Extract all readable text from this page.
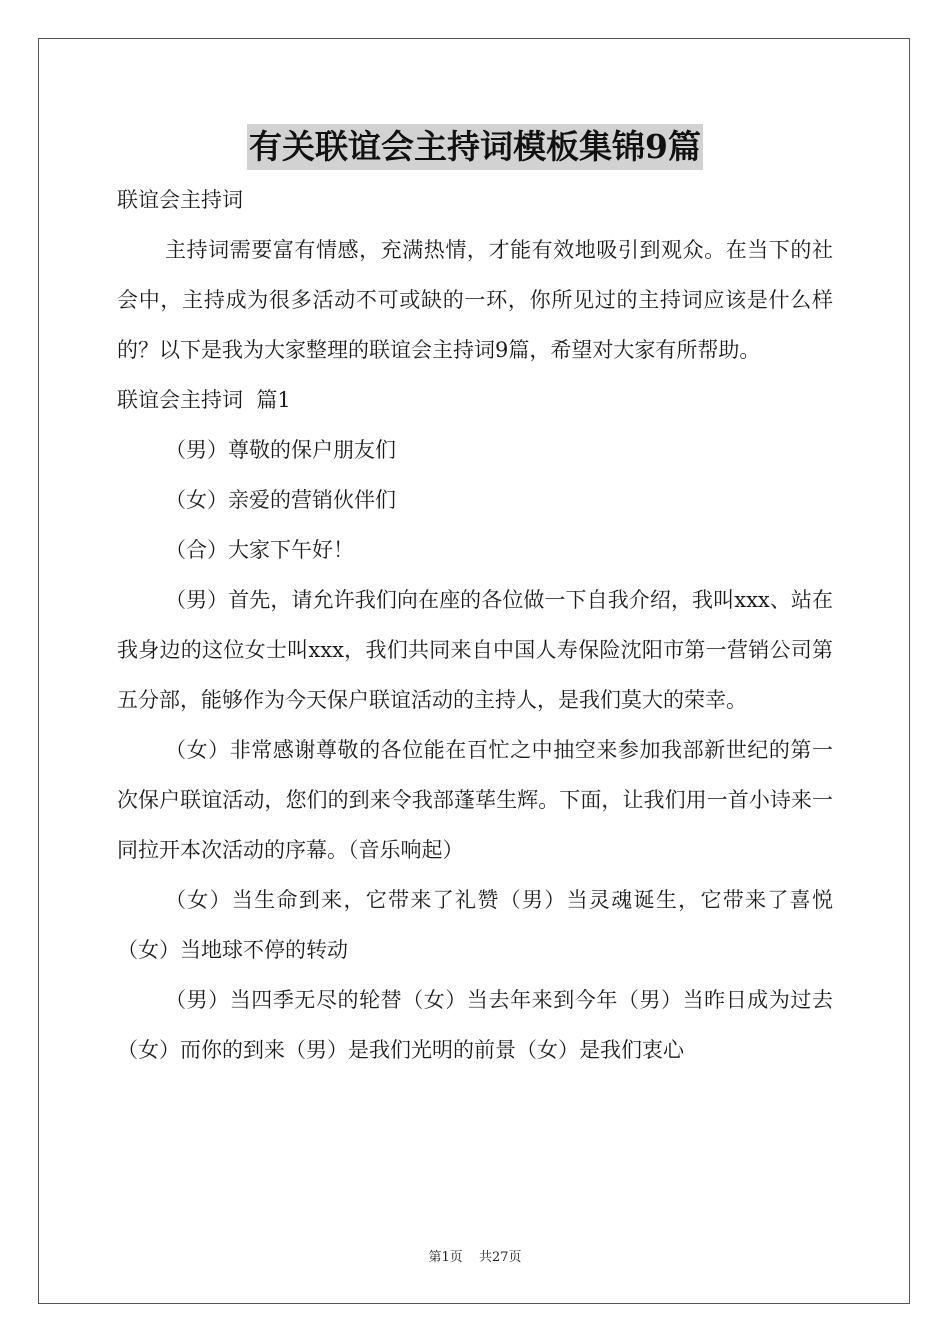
有关联谊会主持词模板集锦9篇

联谊会主持词

主持词需要富有情感，充满热情，才能有效地吸引到观众。在当下的社会中，主持成为很多活动不可或缺的一环，你所见过的主持词应该是什么样的？以下是我为大家整理的联谊会主持词9篇，希望对大家有所帮助。

联谊会主持词  篇1

（男）尊敬的保户朋友们

（女）亲爱的营销伙伴们

（合）大家下午好！

（男）首先，请允许我们向在座的各位做一下自我介绍，我叫xxx、站在我身边的这位女士叫xxx，我们共同来自中国人寿保险沈阳市第一营销公司第五分部，能够作为今天保户联谊活动的主持人，是我们莫大的荣幸。

（女）非常感谢尊敬的各位能在百忙之中抽空来参加我部新世纪的第一次保户联谊活动，您们的到来令我部蓬荜生辉。下面，让我们用一首小诗来一同拉开本次活动的序幕。（音乐响起）

（女）当生命到来，它带来了礼赞（男）当灵魂诞生，它带来了喜悦（女）当地球不停的转动

（男）当四季无尽的轮替（女）当去年来到今年（男）当昨日成为过去（女）而你的到来（男）是我们光明的前景（女）是我们衷心

第1页 共27页
